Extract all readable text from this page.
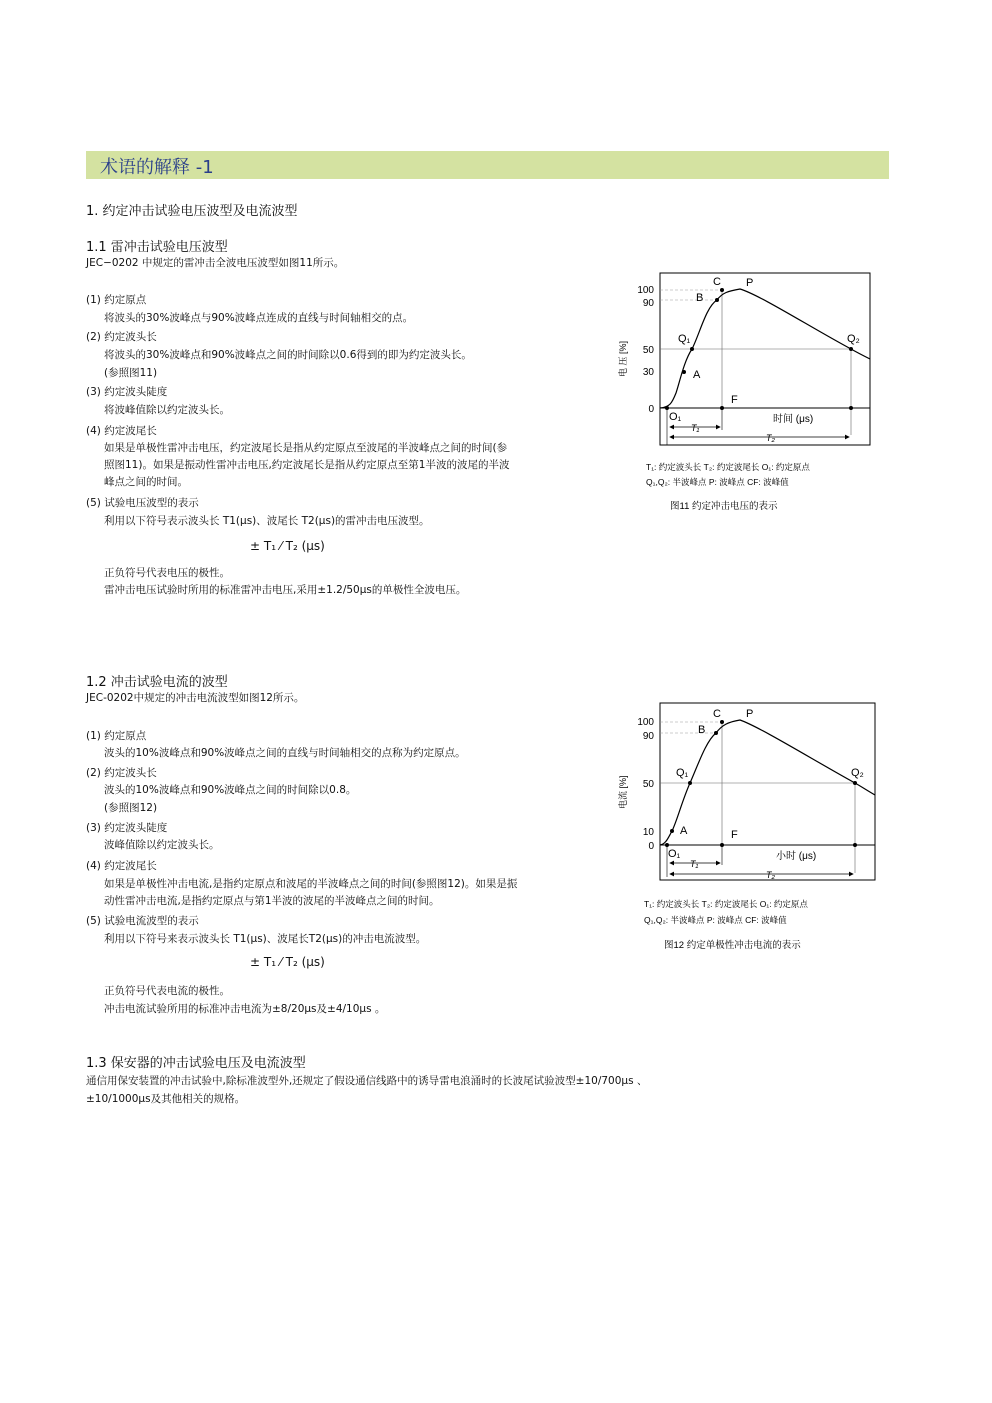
术语的解释 -1
1. 约定冲击试验电压波型及电流波型
1.1 雷冲击试验电压波型
JEC−0202 中规定的雷冲击全波电压波型如图11所示。
(1) 约定原点
将波头的30%波峰点与90%波峰点连成的直线与时间轴相交的点。
(2) 约定波头长
将波头的30%波峰点和90%波峰点之间的时间除以0.6得到的即为约定波头长。
(参照图11)
(3) 约定波头陡度
将波峰值除以约定波头长。
(4) 约定波尾长
如果是单极性雷冲击电压，约定波尾长是指从约定原点至波尾的半波峰点之间的时间(参
照图11)。如果是振动性雷冲击电压,约定波尾长是指从约定原点至第1半波的波尾的半波
峰点之间的时间。
(5) 试验电压波型的表示
利用以下符号表示波头长 T1(μs)、波尾长 T2(μs)的雷冲击电压波型。
± T₁ ⁄ T₂ (μs)
正负符号代表电压的极性。
雷冲击电压试验时所用的标准雷冲击电压,采用±1.2/50μs的单极性全波电压。
1.2 冲击试验电流的波型
JEC-0202中规定的冲击电流波型如图12所示。
(1) 约定原点
波头的10%波峰点和90%波峰点之间的直线与时间轴相交的点称为约定原点。
(2) 约定波头长
波头的10%波峰点和90%波峰点之间的时间除以0.8。
(参照图12)
(3) 约定波头陡度
波峰值除以约定波头长。
(4) 约定波尾长
如果是单极性冲击电流,是指约定原点和波尾的半波峰点之间的时间(参照图12)。如果是振
动性雷冲击电流,是指约定原点与第1半波的波尾的半波峰点之间的时间。
(5) 试验电流波型的表示
利用以下符号来表示波头长 T1(μs)、波尾长T2(μs)的冲击电流波型。
± T₁ ⁄ T₂ (μs)
正负符号代表电流的极性。
冲击电流试验所用的标准冲击电流为±8/20μs及±4/10μs 。
1.3 保安器的冲击试验电压及电流波型
通信用保安装置的冲击试验中,除标准波型外,还规定了假设通信线路中的诱导雷电浪涌时的长波尾试验波型±10/700μs 、
±10/1000μs及其他相关的规格。
100
90
50
30
0
电 压 [%]
C P
B
Q₁	Q₂
A
F
O₁	时间 (μs)
T₁
T₂
T₁: 约定波头长 T₂: 约定波尾长 O₁: 约定原点
Q₁,Q₂: 半波峰点 P: 波峰点 CF: 波峰值
图11 约定冲击电压的表示
100
90
50
10
0
电流 [%]
C P
B
Q₁	Q₂
A	F
O₁	小时 (μs)
T₁
T₂
T₁: 约定波头长 T₂: 约定波尾长 O₁: 约定原点
Q₁,Q₂: 半波峰点 P: 波峰点 CF: 波峰值
图12 约定单极性冲击电流的表示
